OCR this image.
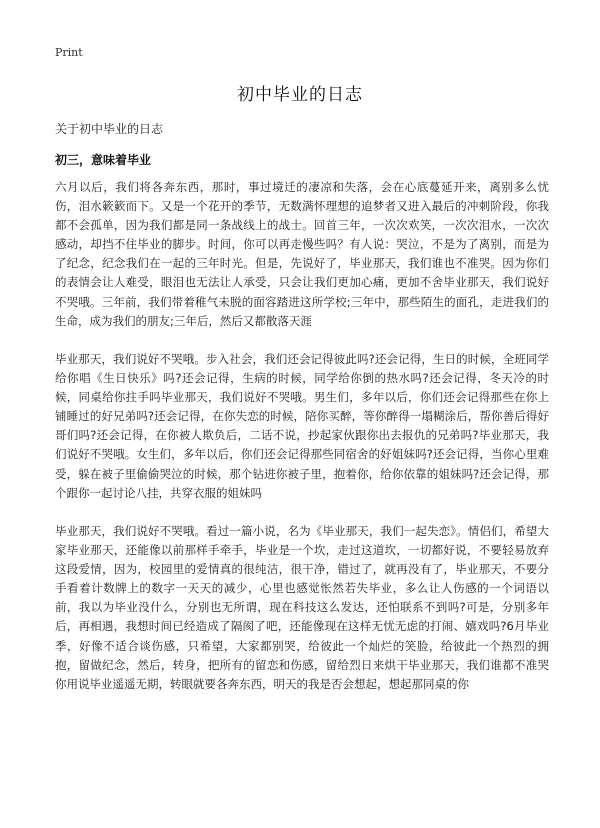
Print
初中毕业的日志
关于初中毕业的日志
初三，意味着毕业

六月以后，我们将各奔东西，那时，事过境迁的凄凉和失落，会在心底蔓延开来，离别多么忧伤，泪水簌簌而下。又是一个花开的季节，无数满怀理想的追梦者又进入最后的冲刺阶段，你我都不会孤单，因为我们都是同一条战线上的战士。回首三年，一次次欢笑，一次次泪水，一次次感动，却挡不住毕业的脚步。时间，你可以再走慢些吗？有人说：哭泣，不是为了离别，而是为了纪念，纪念我们在一起的三年时光。但是，先说好了，毕业那天，我们谁也不准哭。因为你们的表情会让人难受，眼泪也无法让人承受，只会让我们更加心痛，更加不舍毕业那天，我们说好不哭哦。三年前，我们带着稚气未脱的面容踏进这所学校;三年中，那些陌生的面孔，走进我们的生命，成为我们的朋友;三年后，然后又都散落天涯

毕业那天，我们说好不哭哦。步入社会，我们还会记得彼此吗?还会记得，生日的时候，全班同学给你唱《生日快乐》吗?还会记得，生病的时候，同学给你倒的热水吗?还会记得，冬天冷的时候，同桌给你拄手吗毕业那天，我们说好不哭哦。男生们，多年以后，你们还会记得那些在你上铺睡过的好兄弟吗?还会记得，在你失恋的时候，陪你买醉，等你醉得一塌糊涂后，帮你善后得好哥们吗?还会记得，在你被人欺负后，二话不说，抄起家伙跟你出去报仇的兄弟吗?毕业那天，我们说好不哭哦。女生们，多年以后，你们还会记得那些同宿舍的好姐妹吗?还会记得，当你心里难受，躲在被子里偷偷哭泣的时候，那个钻进你被子里，抱着你，给你依靠的姐妹吗?还会记得，那个跟你一起讨论八挂，共穿衣服的姐妹吗

毕业那天，我们说好不哭哦。看过一篇小说，名为《毕业那天，我们一起失恋》。情侣们，希望大家毕业那天，还能像以前那样手牵手，毕业是一个坎，走过这道坎，一切都好说，不要轻易放弃这段爱情，因为，校园里的爱情真的很纯洁，很干净，错过了，就再没有了，毕业那天，不要分手看着计数牌上的数字一天天的减少，心里也感觉怅然若失毕业，多么让人伤感的一个词语以前，我以为毕业没什么，分别也无所谓，现在科技这么发达，还怕联系不到吗?可是，分别多年后，再相遇，我想时间已经造成了隔阂了吧，还能像现在这样无忧无虑的打闹、嬉戏吗?6月毕业季，好像不适合谈伤感，只希望，大家都别哭，给彼此一个灿烂的笑脸，给彼此一个热烈的拥抱，留做纪念，然后，转身，把所有的留恋和伤感，留给烈日来烘干毕业那天，我们谁都不准哭你用说毕业遥遥无期，转眼就要各奔东西，明天的我是否会想起，想起那同桌的你
